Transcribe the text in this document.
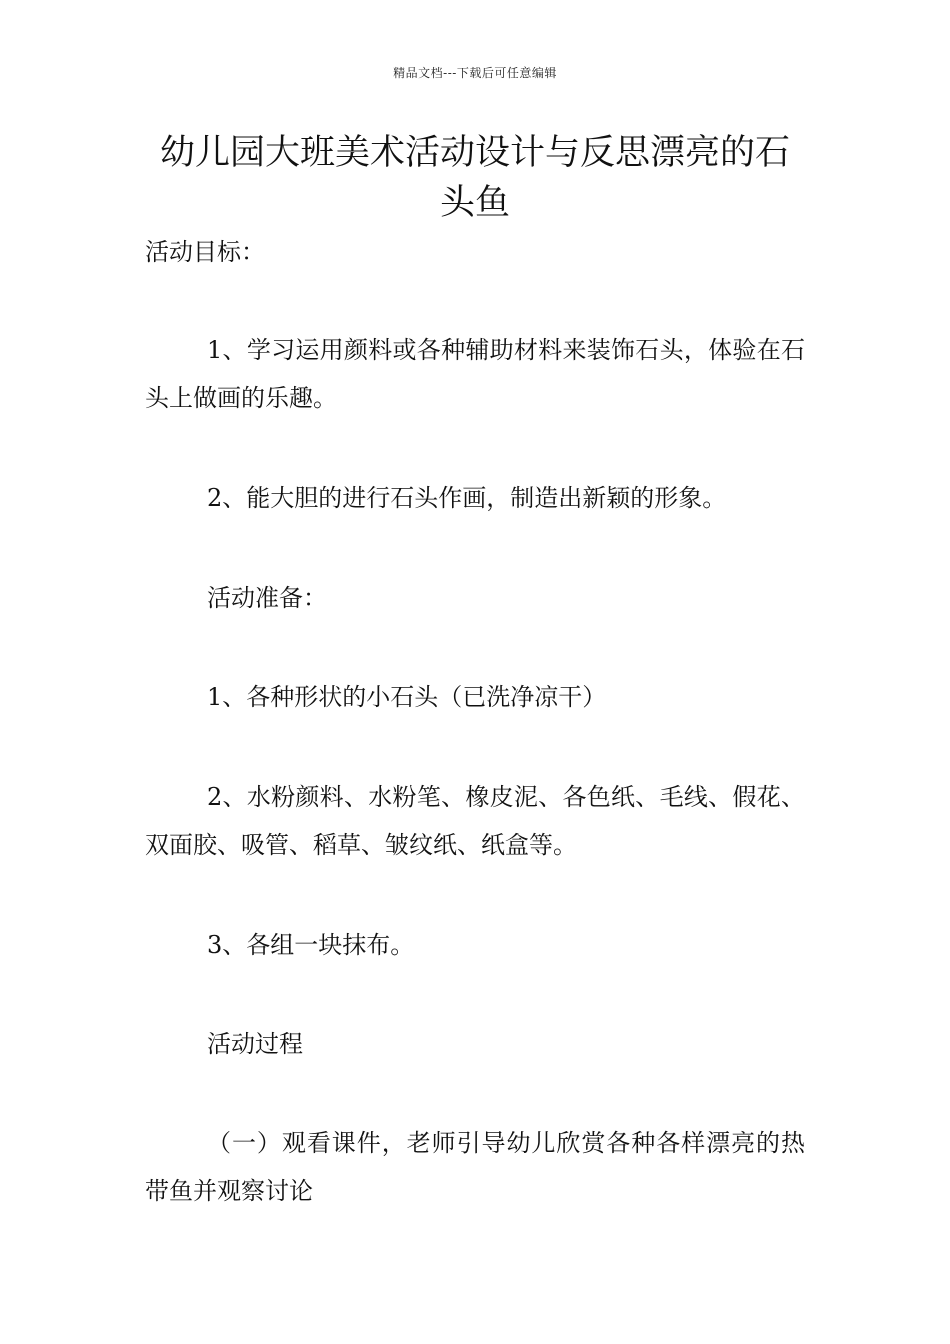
精品文档---下载后可任意编辑
幼儿园大班美术活动设计与反思漂亮的石头鱼

活动目标：

1、学习运用颜料或各种辅助材料来装饰石头，体验在石头上做画的乐趣。

2、能大胆的进行石头作画，制造出新颖的形象。

活动准备：

1、各种形状的小石头（已洗净凉干）

2、水粉颜料、水粉笔、橡皮泥、各色纸、毛线、假花、双面胶、吸管、稻草、皱纹纸、纸盒等。

3、各组一块抹布。

活动过程

（一）观看课件，老师引导幼儿欣赏各种各样漂亮的热带鱼并观察讨论
